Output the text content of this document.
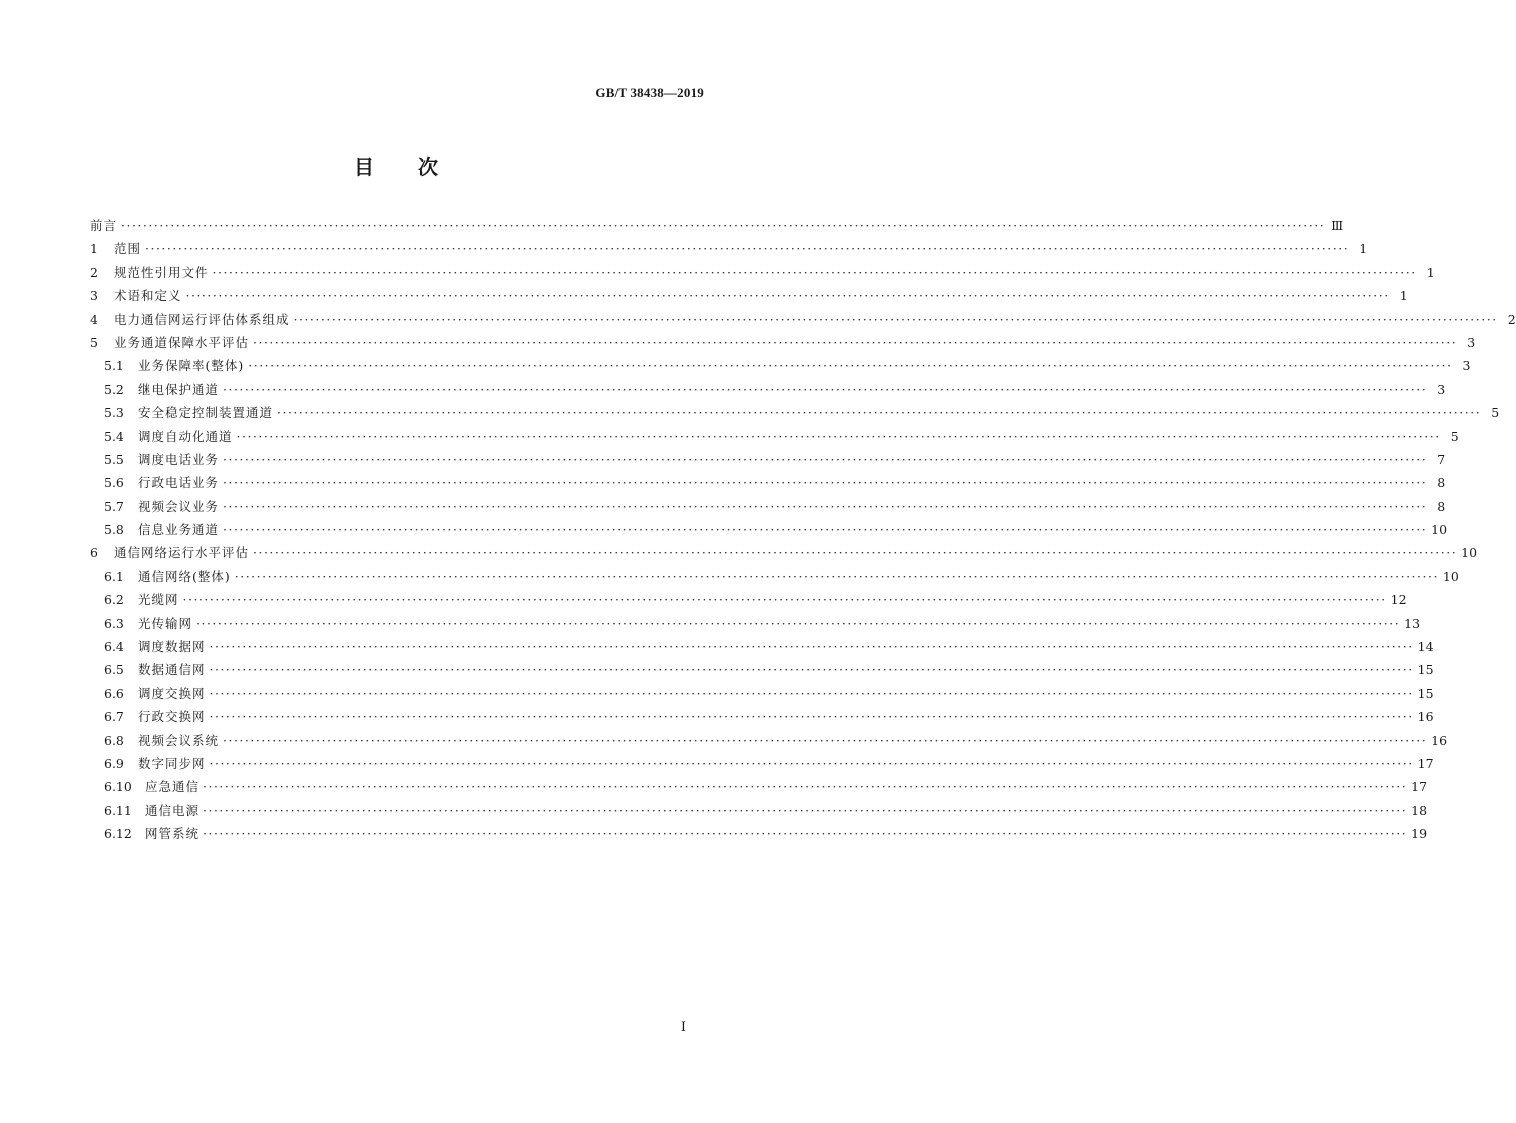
GB/T 38438—2019
目 次
前言 ···························································································································································································································· Ⅲ
1	范围 ···························································································································································································································· 1
2	规范性引用文件 ···························································································································································································································· 1
3	术语和定义 ···························································································································································································································· 1
4	电力通信网运行评估体系组成 ···························································································································································································································· 2
5	业务通道保障水平评估 ···························································································································································································································· 3
5.1	业务保障率(整体) ···························································································································································································································· 3
5.2	继电保护通道 ···························································································································································································································· 3
5.3	安全稳定控制装置通道 ···························································································································································································································· 5
5.4	调度自动化通道 ···························································································································································································································· 5
5.5	调度电话业务 ···························································································································································································································· 7
5.6	行政电话业务 ···························································································································································································································· 8
5.7	视频会议业务 ···························································································································································································································· 8
5.8	信息业务通道 ···························································································································································································································· 10
6	通信网络运行水平评估 ···························································································································································································································· 10
6.1	通信网络(整体) ···························································································································································································································· 10
6.2	光缆网 ···························································································································································································································· 12
6.3	光传输网 ···························································································································································································································· 13
6.4	调度数据网 ···························································································································································································································· 14
6.5	数据通信网 ···························································································································································································································· 15
6.6	调度交换网 ···························································································································································································································· 15
6.7	行政交换网 ···························································································································································································································· 16
6.8	视频会议系统 ···························································································································································································································· 16
6.9	数字同步网 ···························································································································································································································· 17
6.10	应急通信 ···························································································································································································································· 17
6.11	通信电源 ···························································································································································································································· 18
6.12	网管系统 ···························································································································································································································· 19
I
